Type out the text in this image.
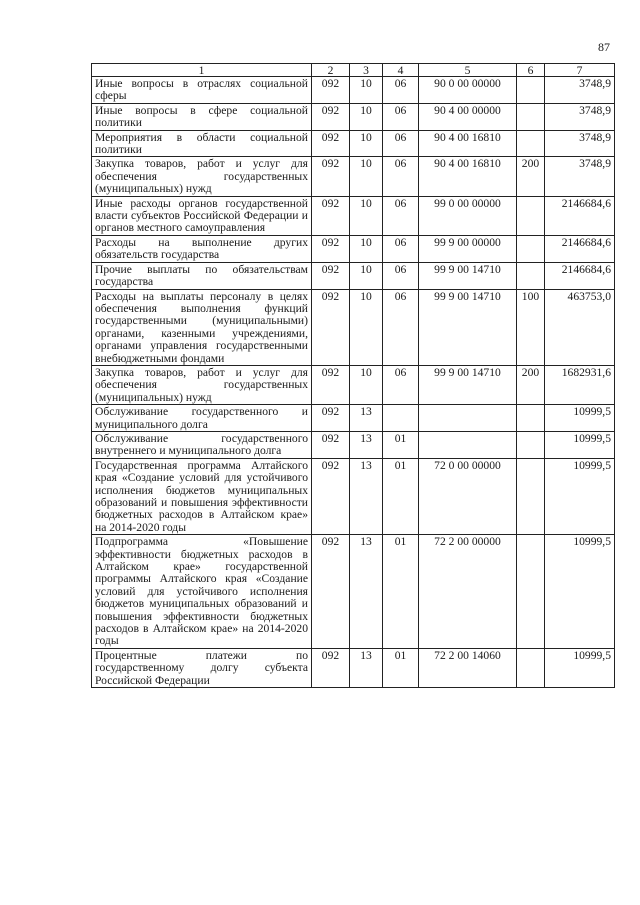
87
1	2	3	4	5	6	7
Иные вопросы в отраслях социальной сферы	092	10	06	90 0 00 00000		3748,9
Иные вопросы в сфере социальной политики	092	10	06	90 4 00 00000		3748,9
Мероприятия в области социальной политики	092	10	06	90 4 00 16810		3748,9
Закупка товаров, работ и услуг для обеспечения государственных (муниципальных) нужд	092	10	06	90 4 00 16810	200	3748,9
Иные расходы органов государственной власти субъектов Российской Федерации и органов местного самоуправления	092	10	06	99 0 00 00000		2146684,6
Расходы на выполнение других обязательств государства	092	10	06	99 9 00 00000		2146684,6
Прочие выплаты по обязательствам государства	092	10	06	99 9 00 14710		2146684,6
Расходы на выплаты персоналу в целях обеспечения выполнения функций государственными (муниципальными) органами, казенными учреждениями, органами управления государственными внебюджетными фондами	092	10	06	99 9 00 14710	100	463753,0
Закупка товаров, работ и услуг для обеспечения государственных (муниципальных) нужд	092	10	06	99 9 00 14710	200	1682931,6
Обслуживание государственного и муниципального долга	092	13				10999,5
Обслуживание государственного внутреннего и муниципального долга	092	13	01			10999,5
Государственная программа Алтайского края «Создание условий для устойчивого исполнения бюджетов муниципальных образований и повышения эффективности бюджетных расходов в Алтайском крае» на 2014-2020 годы	092	13	01	72 0 00 00000		10999,5
Подпрограмма «Повышение эффективности бюджетных расходов в Алтайском крае» государственной программы Алтайского края «Создание условий для устойчивого исполнения бюджетов муниципальных образований и повышения эффективности бюджетных расходов в Алтайском крае» на 2014-2020 годы	092	13	01	72 2 00 00000		10999,5
Процентные платежи по государственному долгу субъекта Российской Федерации	092	13	01	72 2 00 14060		10999,5
